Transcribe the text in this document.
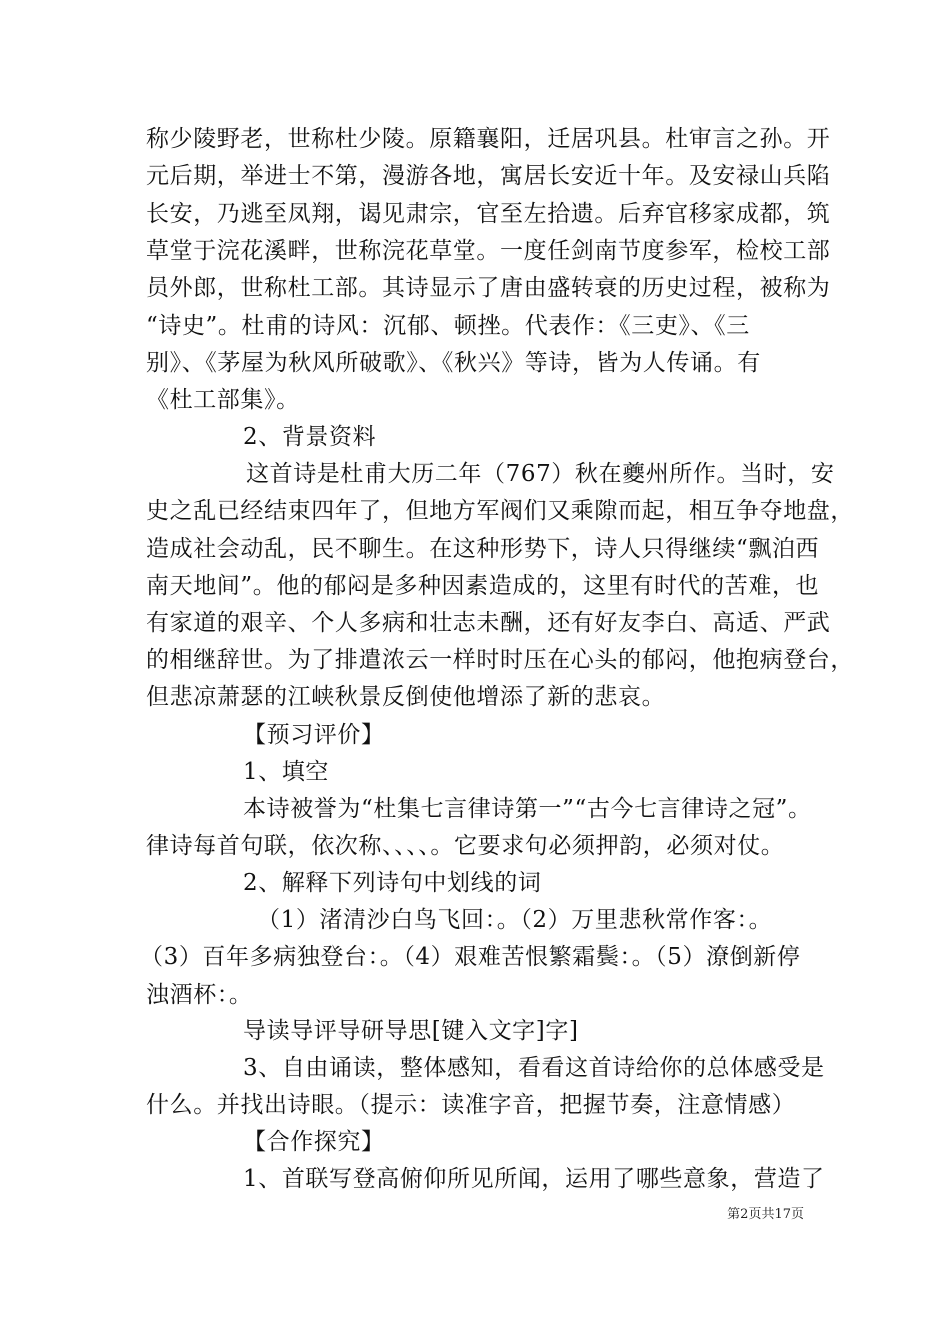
称少陵野老，世称杜少陵。原籍襄阳，迁居巩县。杜审言之孙。开
元后期，举进士不第，漫游各地，寓居长安近十年。及安禄山兵陷
长安，乃逃至凤翔，谒见肃宗，官至左拾遗。后弃官移家成都，筑
草堂于浣花溪畔，世称浣花草堂。一度任剑南节度参军，检校工部
员外郎，世称杜工部。其诗显示了唐由盛转衰的历史过程，被称为
“诗史”。杜甫的诗风：沉郁、顿挫。代表作：《三吏》、《三
别》、《茅屋为秋风所破歌》、《秋兴》等诗，皆为人传诵。有
《杜工部集》。
2、背景资料
这首诗是杜甫大历二年（767）秋在夔州所作。当时，安
史之乱已经结束四年了，但地方军阀们又乘隙而起，相互争夺地盘，
造成社会动乱，民不聊生。在这种形势下，诗人只得继续“飘泊西
南天地间”。他的郁闷是多种因素造成的，这里有时代的苦难，也
有家道的艰辛、个人多病和壮志未酬，还有好友李白、高适、严武
的相继辞世。为了排遣浓云一样时时压在心头的郁闷，他抱病登台，
但悲凉萧瑟的江峡秋景反倒使他增添了新的悲哀。
【预习评价】
1、填空
本诗被誉为“杜集七言律诗第一”“古今七言律诗之冠”。
律诗每首句联，依次称、、、、。它要求句必须押韵，必须对仗。
2、解释下列诗句中划线的词
（1）渚清沙白鸟飞回：。（2）万里悲秋常作客：。
（3）百年多病独登台：。（4）艰难苦恨繁霜鬓：。（5）潦倒新停
浊酒杯：。
导读导评导研导思[键入文字]字]
3、自由诵读，整体感知，看看这首诗给你的总体感受是
什么。并找出诗眼。（提示：读准字音，把握节奏，注意情感）
【合作探究】
1、首联写登高俯仰所见所闻，运用了哪些意象，营造了
第2页共17页
